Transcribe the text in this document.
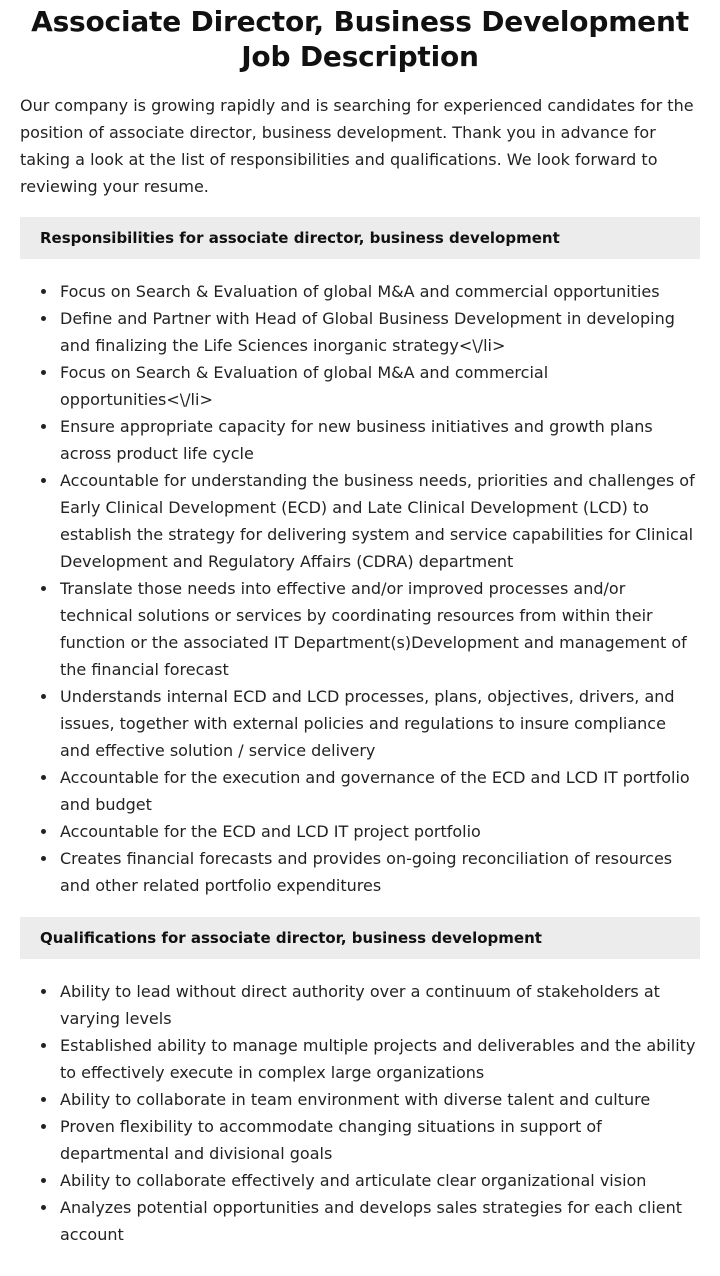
Associate Director, Business Development Job Description

Our company is growing rapidly and is searching for experienced candidates for the position of associate director, business development. Thank you in advance for taking a look at the list of responsibilities and qualifications. We look forward to reviewing your resume.

Responsibilities for associate director, business development
Focus on Search & Evaluation of global M&A and commercial opportunities
Define and Partner with Head of Global Business Development in developing and finalizing the Life Sciences inorganic strategy<\/li>
Focus on Search & Evaluation of global M&A and commercial opportunities<\/li>
Ensure appropriate capacity for new business initiatives and growth plans across product life cycle
Accountable for understanding the business needs, priorities and challenges of Early Clinical Development (ECD) and Late Clinical Development (LCD) to establish the strategy for delivering system and service capabilities for Clinical Development and Regulatory Affairs (CDRA) department
Translate those needs into effective and/or improved processes and/or technical solutions or services by coordinating resources from within their function or the associated IT Department(s)Development and management of the financial forecast
Understands internal ECD and LCD processes, plans, objectives, drivers, and issues, together with external policies and regulations to insure compliance and effective solution / service delivery
Accountable for the execution and governance of the ECD and LCD IT portfolio and budget
Accountable for the ECD and LCD IT project portfolio
Creates financial forecasts and provides on-going reconciliation of resources and other related portfolio expenditures
Qualifications for associate director, business development
Ability to lead without direct authority over a continuum of stakeholders at varying levels
Established ability to manage multiple projects and deliverables and the ability to effectively execute in complex large organizations
Ability to collaborate in team environment with diverse talent and culture
Proven flexibility to accommodate changing situations in support of departmental and divisional goals
Ability to collaborate effectively and articulate clear organizational vision
Analyzes potential opportunities and develops sales strategies for each client account
